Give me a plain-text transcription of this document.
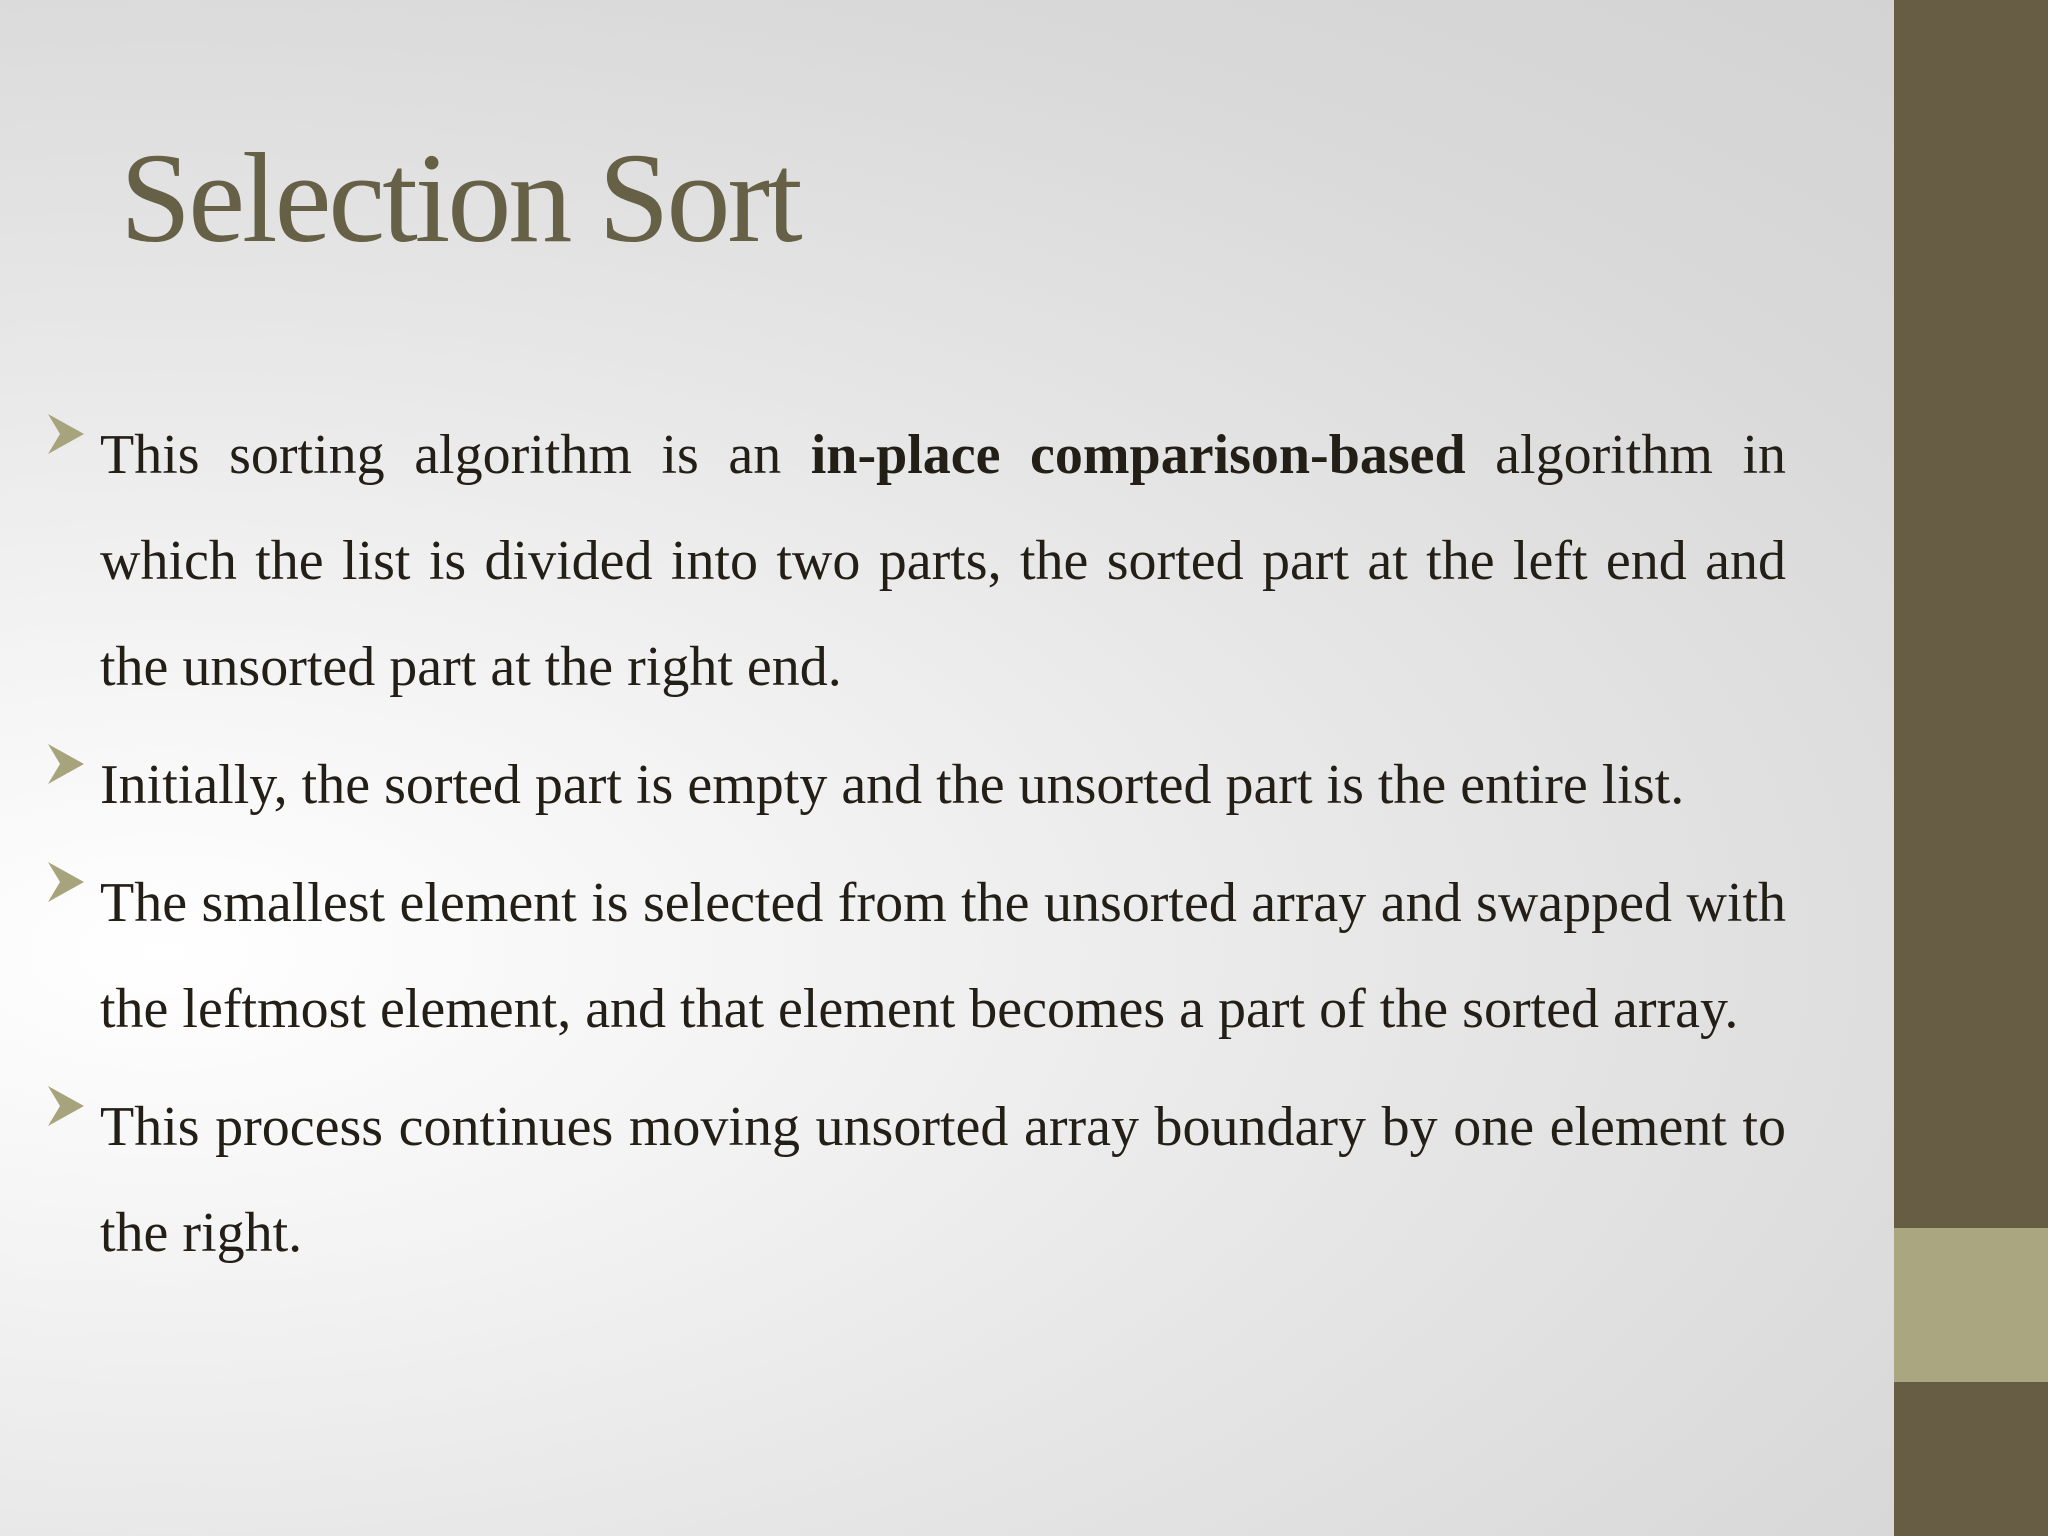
Selection Sort

This sorting algorithm is an in-place comparison-based algorithm in which the list is divided into two parts, the sorted part at the left end and the unsorted part at the right end.

Initially, the sorted part is empty and the unsorted part is the entire list.

The smallest element is selected from the unsorted array and swapped with the leftmost element, and that element becomes a part of the sorted array.

This process continues moving unsorted array boundary by one element to the right.
